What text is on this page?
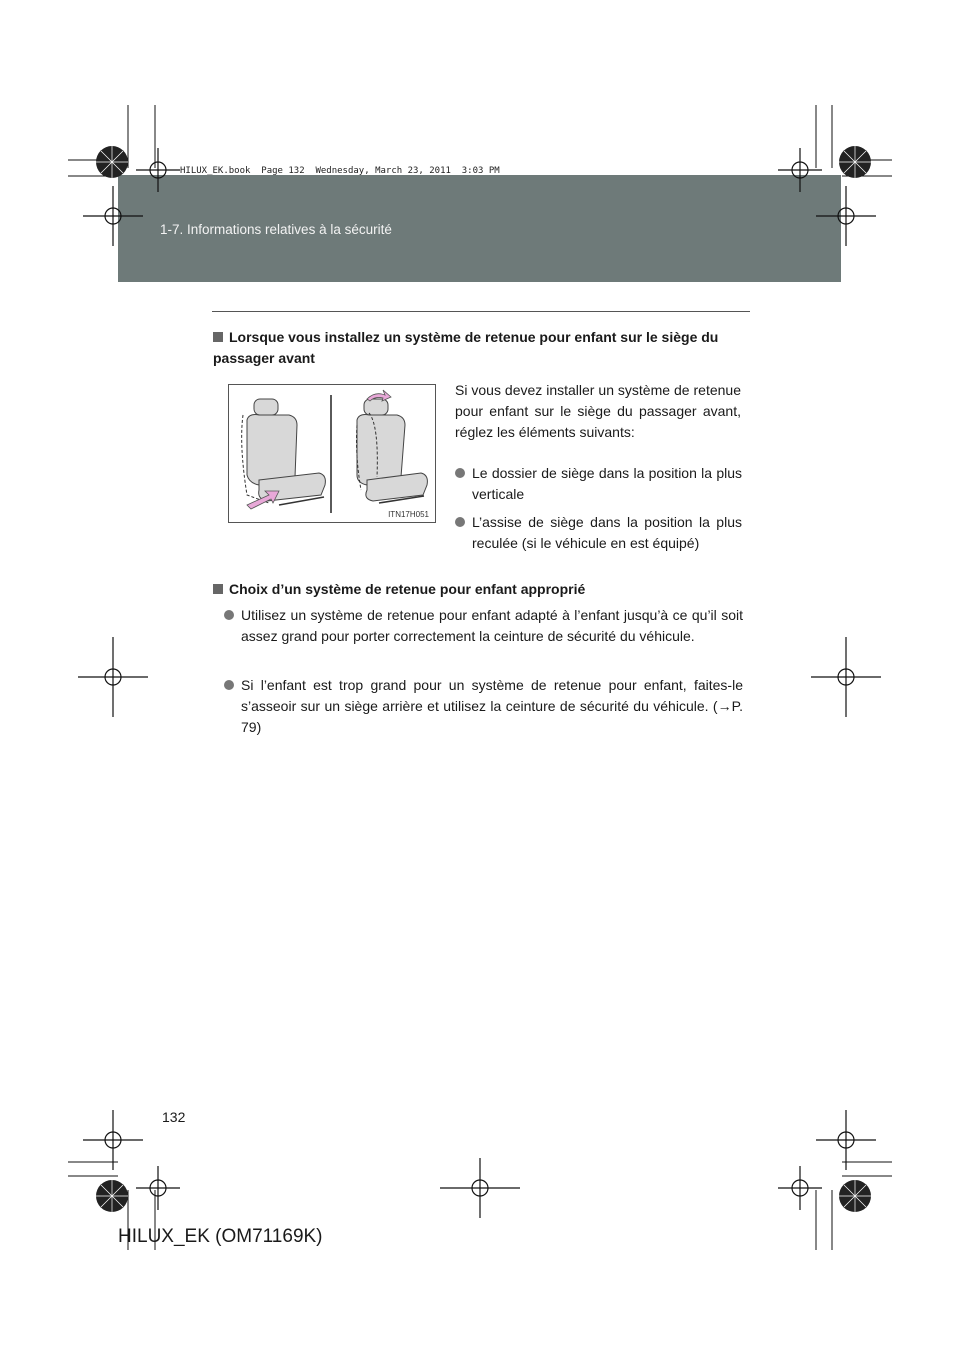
HILUX_EK.book  Page 132  Wednesday, March 23, 2011  3:03 PM
1-7. Informations relatives à la sécurité
Lorsque vous installez un système de retenue pour enfant sur le siège du passager avant
ITN17H051
Si vous devez installer un système de retenue pour enfant sur le siège du passager avant, réglez les éléments suivants:
Le dossier de siège dans la position la plus verticale
L’assise de siège dans la position la plus reculée (si le véhicule en est équipé)
Choix d’un système de retenue pour enfant approprié
Utilisez un système de retenue pour enfant adapté à l’enfant jusqu’à ce qu’il soit assez grand pour porter correctement la ceinture de sécurité du véhicule.
Si l’enfant est trop grand pour un système de retenue pour enfant, faites-le s’asseoir sur un siège arrière et utilisez la ceinture de sécurité du véhicule. (→P. 79)
132
HILUX_EK (OM71169K)
